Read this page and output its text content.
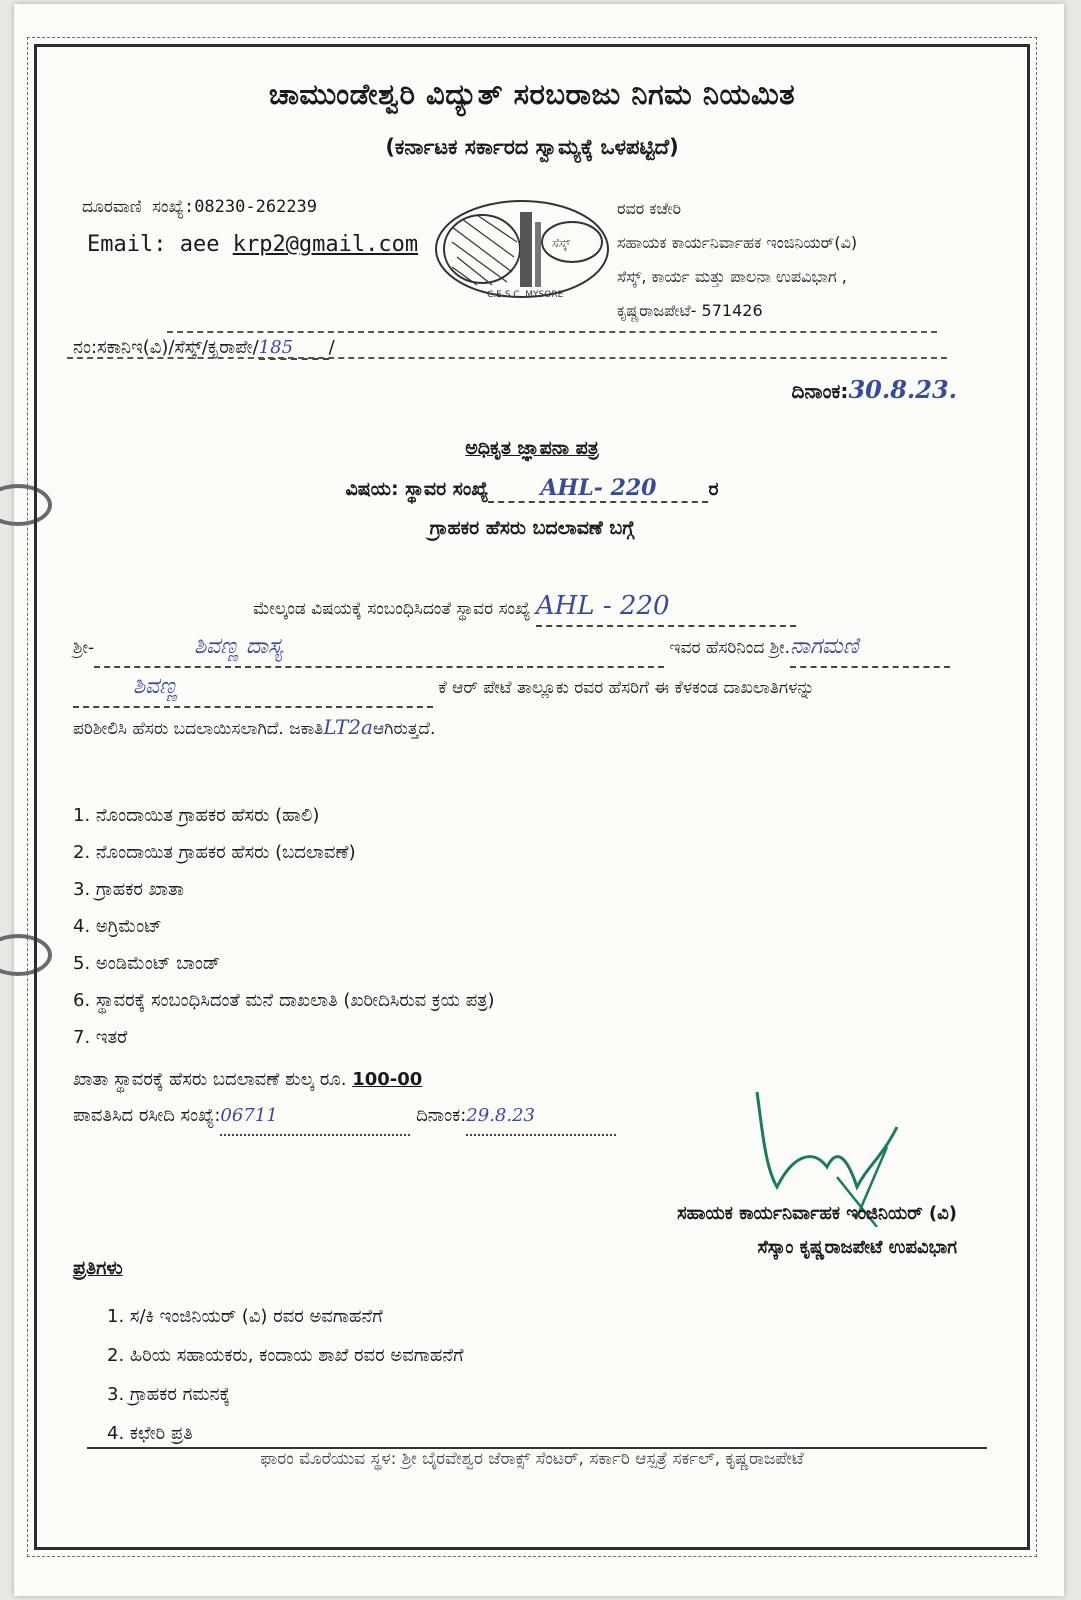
ಚಾಮುಂಡೇಶ್ವರಿ ವಿದ್ಯುತ್ ಸರಬರಾಜು ನಿಗಮ ನಿಯಮಿತ
(ಕರ್ನಾಟಕ ಸರ್ಕಾರದ ಸ್ವಾಮ್ಯಕ್ಕೆ ಒಳಪಟ್ಟಿದೆ)
ದೂರವಾಣಿ ಸಂಖ್ಯೆ:08230-262239
Email: aee krp2@gmail.com	ಸೆಸ್ಕ್
C.E.S.C. MYSORE
ರವರ ಕಚೇರಿ
ಸಹಾಯಕ ಕಾರ್ಯನಿರ್ವಾಹಕ ಇಂಜಿನಿಯರ್(ವಿ)
ಸೆಸ್ಕ್, ಕಾರ್ಯ ಮತ್ತು ಪಾಲನಾ ಉಪವಿಭಾಗ ,
ಕೃಷ್ಣರಾಜಪೇಟೆ- 571426
ನಂ:ಸಕಾನಿಇ(ವಿ)/ಸೆಸ್ಕ್/ಕೃರಾಪೇ/185 /
ದಿನಾಂಕ:30.8.23.
ಅಧಿಕೃತ ಜ್ಞಾಪನಾ ಪತ್ರ
ವಿಷಯ: ಸ್ಥಾವರ ಸಂಖ್ಯೆ AHL- 220	ರ
ಗ್ರಾಹಕರ ಹೆಸರು ಬದಲಾವಣೆ ಬಗ್ಗೆ
ಮೇಲ್ಕಂಡ ವಿಷಯಕ್ಕೆ ಸಂಬಂಧಿಸಿದಂತೆ ಸ್ಥಾವರ ಸಂಖ್ಯೆ AHL - 220
ಶ್ರೀ-	ಶಿವಣ್ಣ ದಾಸ್ಯ	ಇವರ ಹೆಸರಿನಿಂದ ಶ್ರೀ.ನಾಗಮಣಿ
ಶಿವಣ್ಣ	ಕೆ ಆರ್ ಪೇಟೆ ತಾಲ್ಲೂಕು ರವರ ಹೆಸರಿಗೆ ಈ ಕೆಳಕಂಡ ದಾಖಲಾತಿಗಳನ್ನು
ಪರಿಶೀಲಿಸಿ ಹೆಸರು ಬದಲಾಯಿಸಲಾಗಿದೆ. ಜಕಾತಿLT2aಆಗಿರುತ್ತದೆ.
1. ನೊಂದಾಯಿತ ಗ್ರಾಹಕರ ಹೆಸರು (ಹಾಲಿ)
2. ನೊಂದಾಯಿತ ಗ್ರಾಹಕರ ಹೆಸರು (ಬದಲಾವಣೆ)
3. ಗ್ರಾಹಕರ ಖಾತಾ
4. ಅಗ್ರಿಮೆಂಟ್
5. ಅಂಡಿಮೆಂಟ್ ಬಾಂಡ್
6. ಸ್ಥಾವರಕ್ಕೆ ಸಂಬಂಧಿಸಿದಂತೆ ಮನೆ ದಾಖಲಾತಿ (ಖರೀದಿಸಿರುವ ಕ್ರಯ ಪತ್ರ)
7. ಇತರೆ
ಖಾತಾ ಸ್ಥಾವರಕ್ಕೆ ಹೆಸರು ಬದಲಾವಣೆ ಶುಲ್ಕ ರೂ. 100-00
ಪಾವತಿಸಿದ ರಸೀದಿ ಸಂಖ್ಯೆ:06711	ದಿನಾಂಕ:29.8.23
ಸಹಾಯಕ ಕಾರ್ಯನಿರ್ವಾಹಕ ಇಂಜಿನಿಯರ್ (ವಿ)
ಸೆಸ್ಕಾಂ ಕೃಷ್ಣರಾಜಪೇಟೆ ಉಪವಿಭಾಗ
ಪ್ರತಿಗಳು
1. ಸ/ಕಿ ಇಂಜಿನಿಯರ್ (ವಿ) ರವರ ಅವಗಾಹನೆಗೆ
2. ಹಿರಿಯ ಸಹಾಯಕರು, ಕಂದಾಯ ಶಾಖೆ ರವರ ಅವಗಾಹನೆಗೆ
3. ಗ್ರಾಹಕರ ಗಮನಕ್ಕೆ
4. ಕಛೇರಿ ಪ್ರತಿ
ಫಾರಂ ಮೊರೆಯುವ ಸ್ಥಳ: ಶ್ರೀ ಬೈರವೇಶ್ವರ ಜೆರಾಕ್ಸ್ ಸೆಂಟರ್, ಸರ್ಕಾರಿ ಆಸ್ಪತ್ರೆ ಸರ್ಕಲ್, ಕೃಷ್ಣರಾಜಪೇಟೆ
